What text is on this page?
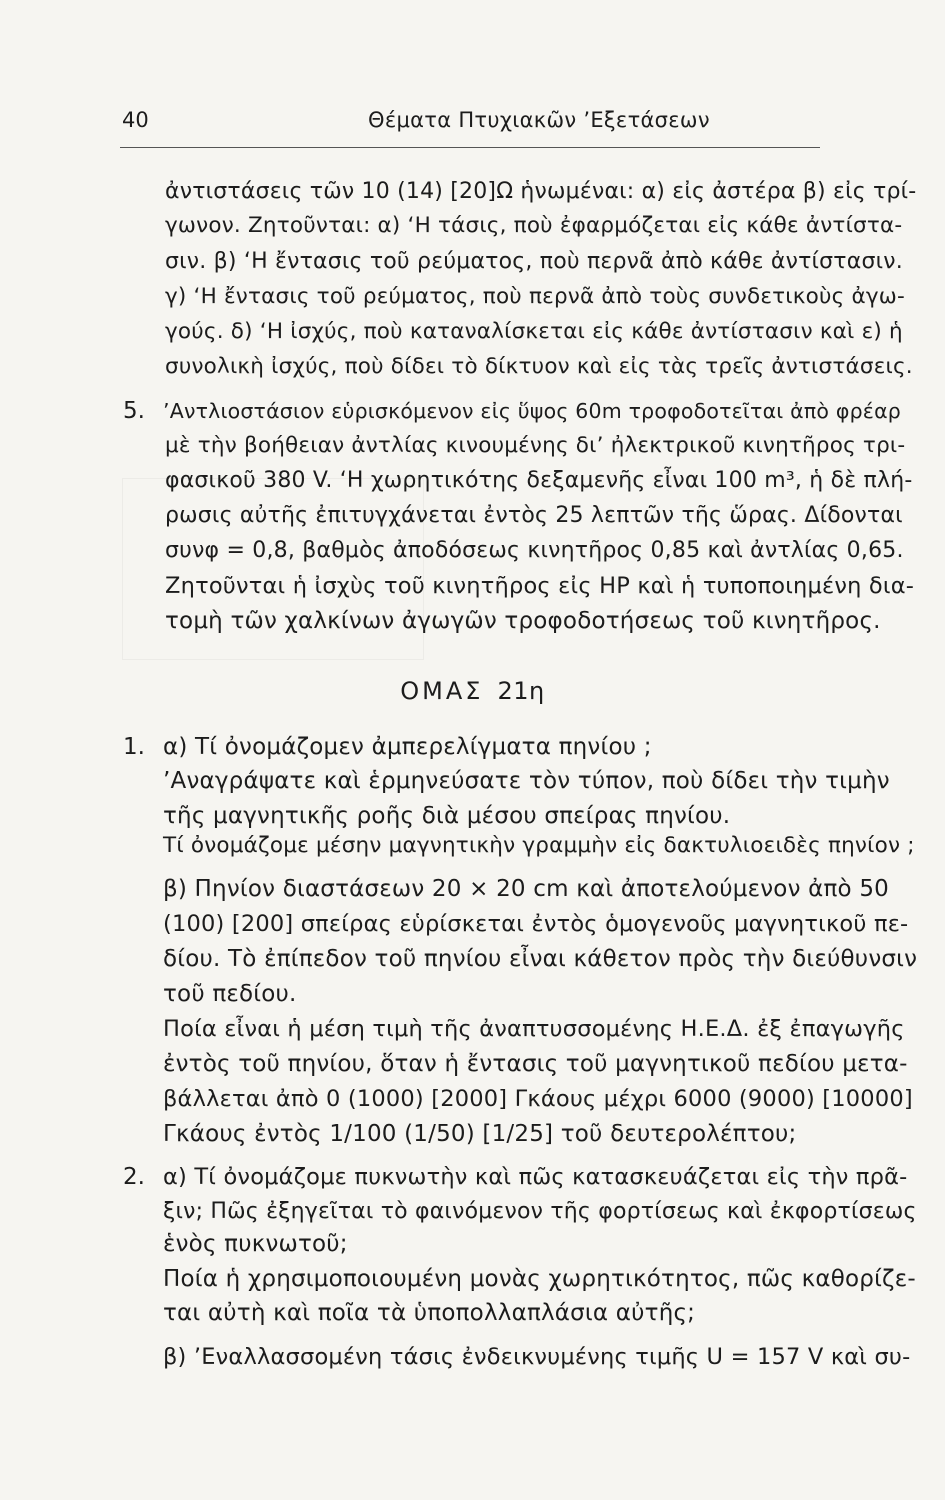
40	Θέματα Πτυχιακῶν ’Εξετάσεων
ἀντιστάσεις τῶν 10 (14) [20]Ω ἡνωμέναι: α) εἰς ἀστέρα β) εἰς τρί-
γωνον. Ζητοῦνται: α) ‘Η τάσις, ποὺ ἐφαρμόζεται εἰς κάθε ἀντίστα-
σιν. β) ‘Η ἔντασις τοῦ ρεύματος, ποὺ περνᾶ ἀπὸ κάθε ἀντίστασιν.
γ) ‘Η ἔντασις τοῦ ρεύματος, ποὺ περνᾶ ἀπὸ τοὺς συνδετικοὺς ἀγω-
γούς. δ) ‘Η ἰσχύς, ποὺ καταναλίσκεται εἰς κάθε ἀντίστασιν καὶ ε) ἡ
συνολικὴ ἰσχύς, ποὺ δίδει τὸ δίκτυον καὶ εἰς τὰς τρεῖς ἀντιστάσεις.
5. ’Αντλιοστάσιον εὑρισκόμενον εἰς ὕψος 60m τροφοδοτεῖται ἀπὸ φρέαρ
μὲ τὴν βοήθειαν ἀντλίας κινουμένης δι’ ἠλεκτρικοῦ κινητῆρος τρι-
φασικοῦ 380 V. ‘Η χωρητικότης δεξαμενῆς εἶναι 100 m³, ἡ δὲ πλή-
ρωσις αὐτῆς ἐπιτυγχάνεται ἐντὸς 25 λεπτῶν τῆς ὥρας. Δίδονται
συνφ = 0,8, βαθμὸς ἀποδόσεως κινητῆρος 0,85 καὶ ἀντλίας 0,65.
Ζητοῦνται ἡ ἰσχὺς τοῦ κινητῆρος εἰς HP καὶ ἡ τυποποιημένη δια-
τομὴ τῶν χαλκίνων ἀγωγῶν τροφοδοτήσεως τοῦ κινητῆρος.
ΟΜΑΣ 21η
1. α) Τί ὀνομάζομεν ἀμπερελίγματα πηνίου ;
’Αναγράψατε καὶ ἑρμηνεύσατε τὸν τύπον, ποὺ δίδει τὴν τιμὴν
τῆς μαγνητικῆς ροῆς διὰ μέσου σπείρας πηνίου.
Τί ὀνομάζομε μέσην μαγνητικὴν γραμμὴν εἰς δακτυλιοειδὲς πηνίον ;
β) Πηνίον διαστάσεων 20 × 20 cm καὶ ἀποτελούμενον ἀπὸ 50
(100) [200] σπείρας εὑρίσκεται ἐντὸς ὁμογενοῦς μαγνητικοῦ πε-
δίου. Τὸ ἐπίπεδον τοῦ πηνίου εἶναι κάθετον πρὸς τὴν διεύθυνσιν
τοῦ πεδίου.
Ποία εἶναι ἡ μέση τιμὴ τῆς ἀναπτυσσομένης Η.Ε.Δ. ἐξ ἐπαγωγῆς
ἐντὸς τοῦ πηνίου, ὅταν ἡ ἔντασις τοῦ μαγνητικοῦ πεδίου μετα-
βάλλεται ἀπὸ 0 (1000) [2000] Γκάους μέχρι 6000 (9000) [10000]
Γκάους ἐντὸς 1/100 (1/50) [1/25] τοῦ δευτερολέπτου;
2. α) Τί ὀνομάζομε πυκνωτὴν καὶ πῶς κατασκευάζεται εἰς τὴν πρᾶ-
ξιν; Πῶς ἐξηγεῖται τὸ φαινόμενον τῆς φορτίσεως καὶ ἐκφορτίσεως
ἑνὸς πυκνωτοῦ;
Ποία ἡ χρησιμοποιουμένη μονὰς χωρητικότητος, πῶς καθορίζε-
ται αὐτὴ καὶ ποῖα τὰ ὑποπολλαπλάσια αὐτῆς;
β) ’Εναλλασσομένη τάσις ἐνδεικνυμένης τιμῆς U = 157 V καὶ συ-
